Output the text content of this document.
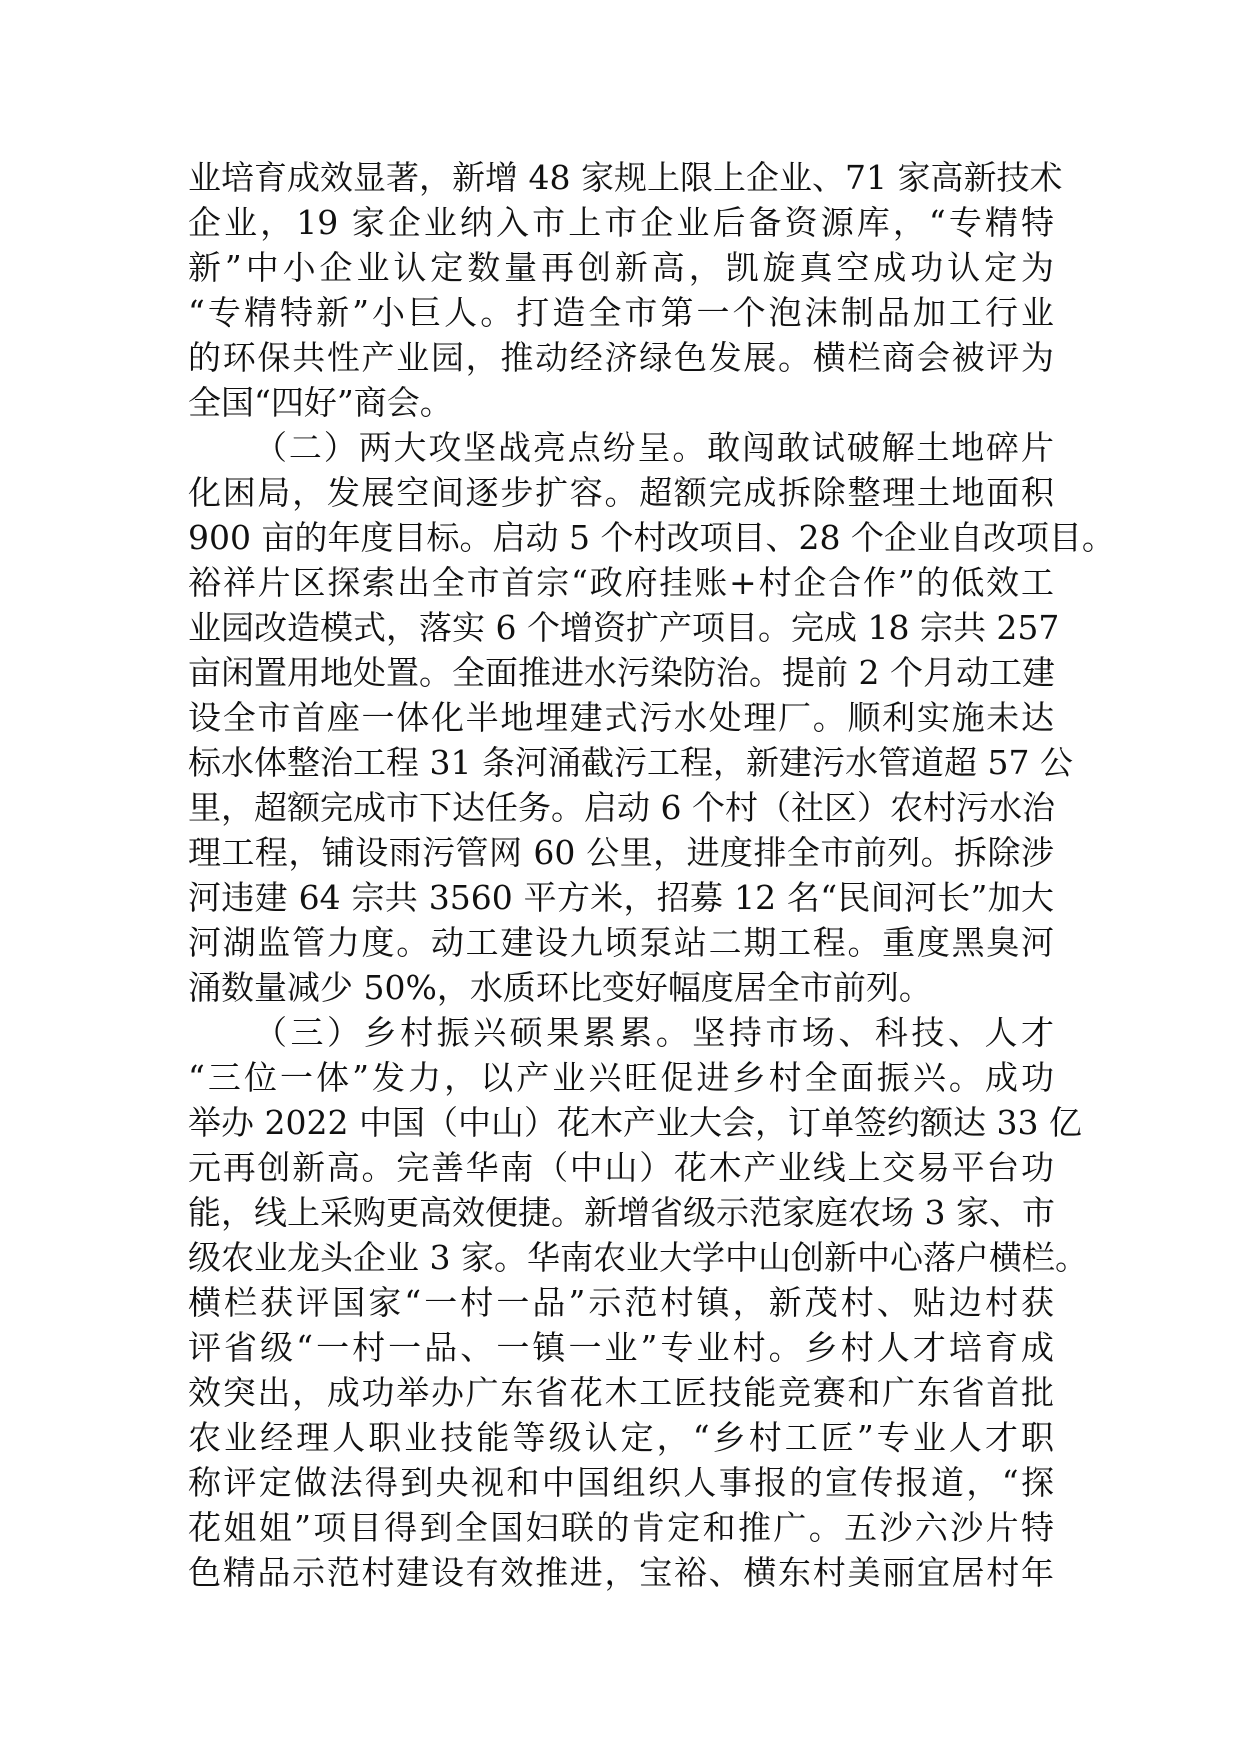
业培育成效显著，新增 48 家规上限上企业、71 家高新技术
企业，19 家企业纳入市上市企业后备资源库，“专精特
新”中小企业认定数量再创新高，凯旋真空成功认定为
“专精特新”小巨人。打造全市第一个泡沫制品加工行业
的环保共性产业园，推动经济绿色发展。横栏商会被评为
全国“四好”商会。
（二）两大攻坚战亮点纷呈。敢闯敢试破解土地碎片
化困局，发展空间逐步扩容。超额完成拆除整理土地面积
900 亩的年度目标。启动 5 个村改项目、28 个企业自改项目。
裕祥片区探索出全市首宗“政府挂账+村企合作”的低效工
业园改造模式，落实 6 个增资扩产项目。完成 18 宗共 257
亩闲置用地处置。全面推进水污染防治。提前 2 个月动工建
设全市首座一体化半地埋建式污水处理厂。顺利实施未达
标水体整治工程 31 条河涌截污工程，新建污水管道超 57 公
里，超额完成市下达任务。启动 6 个村（社区）农村污水治
理工程，铺设雨污管网 60 公里，进度排全市前列。拆除涉
河违建 64 宗共 3560 平方米，招募 12 名“民间河长”加大
河湖监管力度。动工建设九顷泵站二期工程。重度黑臭河
涌数量减少 50%，水质环比变好幅度居全市前列。
（三）乡村振兴硕果累累。坚持市场、科技、人才
“三位一体”发力，以产业兴旺促进乡村全面振兴。成功
举办 2022 中国（中山）花木产业大会，订单签约额达 33 亿
元再创新高。完善华南（中山）花木产业线上交易平台功
能，线上采购更高效便捷。新增省级示范家庭农场 3 家、市
级农业龙头企业 3 家。华南农业大学中山创新中心落户横栏。
横栏获评国家“一村一品”示范村镇，新茂村、贴边村获
评省级“一村一品、一镇一业”专业村。乡村人才培育成
效突出，成功举办广东省花木工匠技能竞赛和广东省首批
农业经理人职业技能等级认定，“乡村工匠”专业人才职
称评定做法得到央视和中国组织人事报的宣传报道，“探
花姐姐”项目得到全国妇联的肯定和推广。五沙六沙片特
色精品示范村建设有效推进，宝裕、横东村美丽宜居村年
